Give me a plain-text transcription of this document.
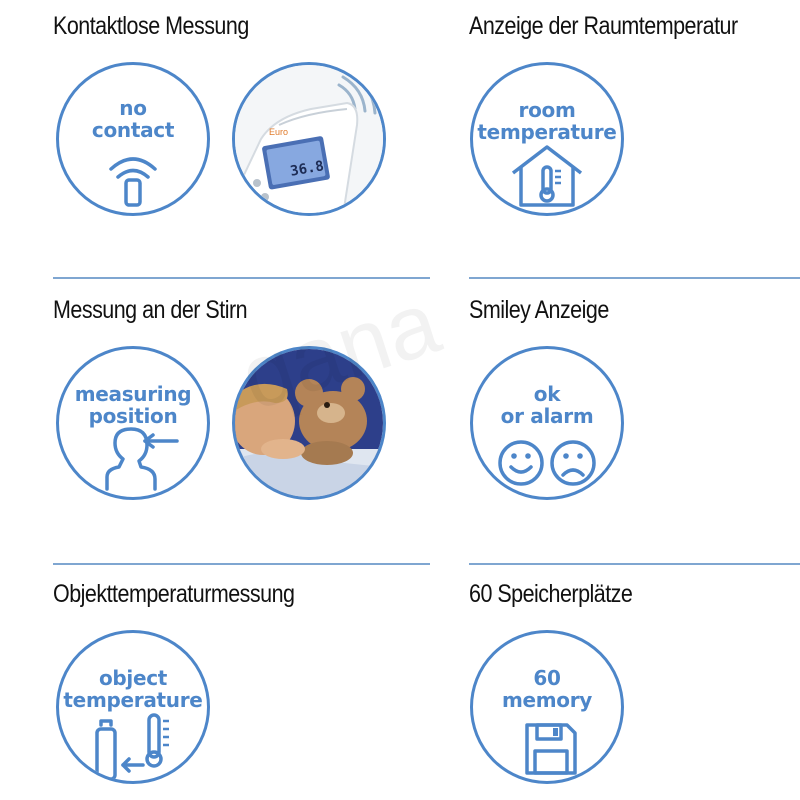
Kontaktlose Messung	Anzeige der Raumtemperatur
Messung an der Stirn	Smiley Anzeige
Objekttemperaturmessung	60 Speicherplätze
no
contact
36.8
Euro
room
temperature
measuring
position
ok
or alarm
object
temperature
60
memory
